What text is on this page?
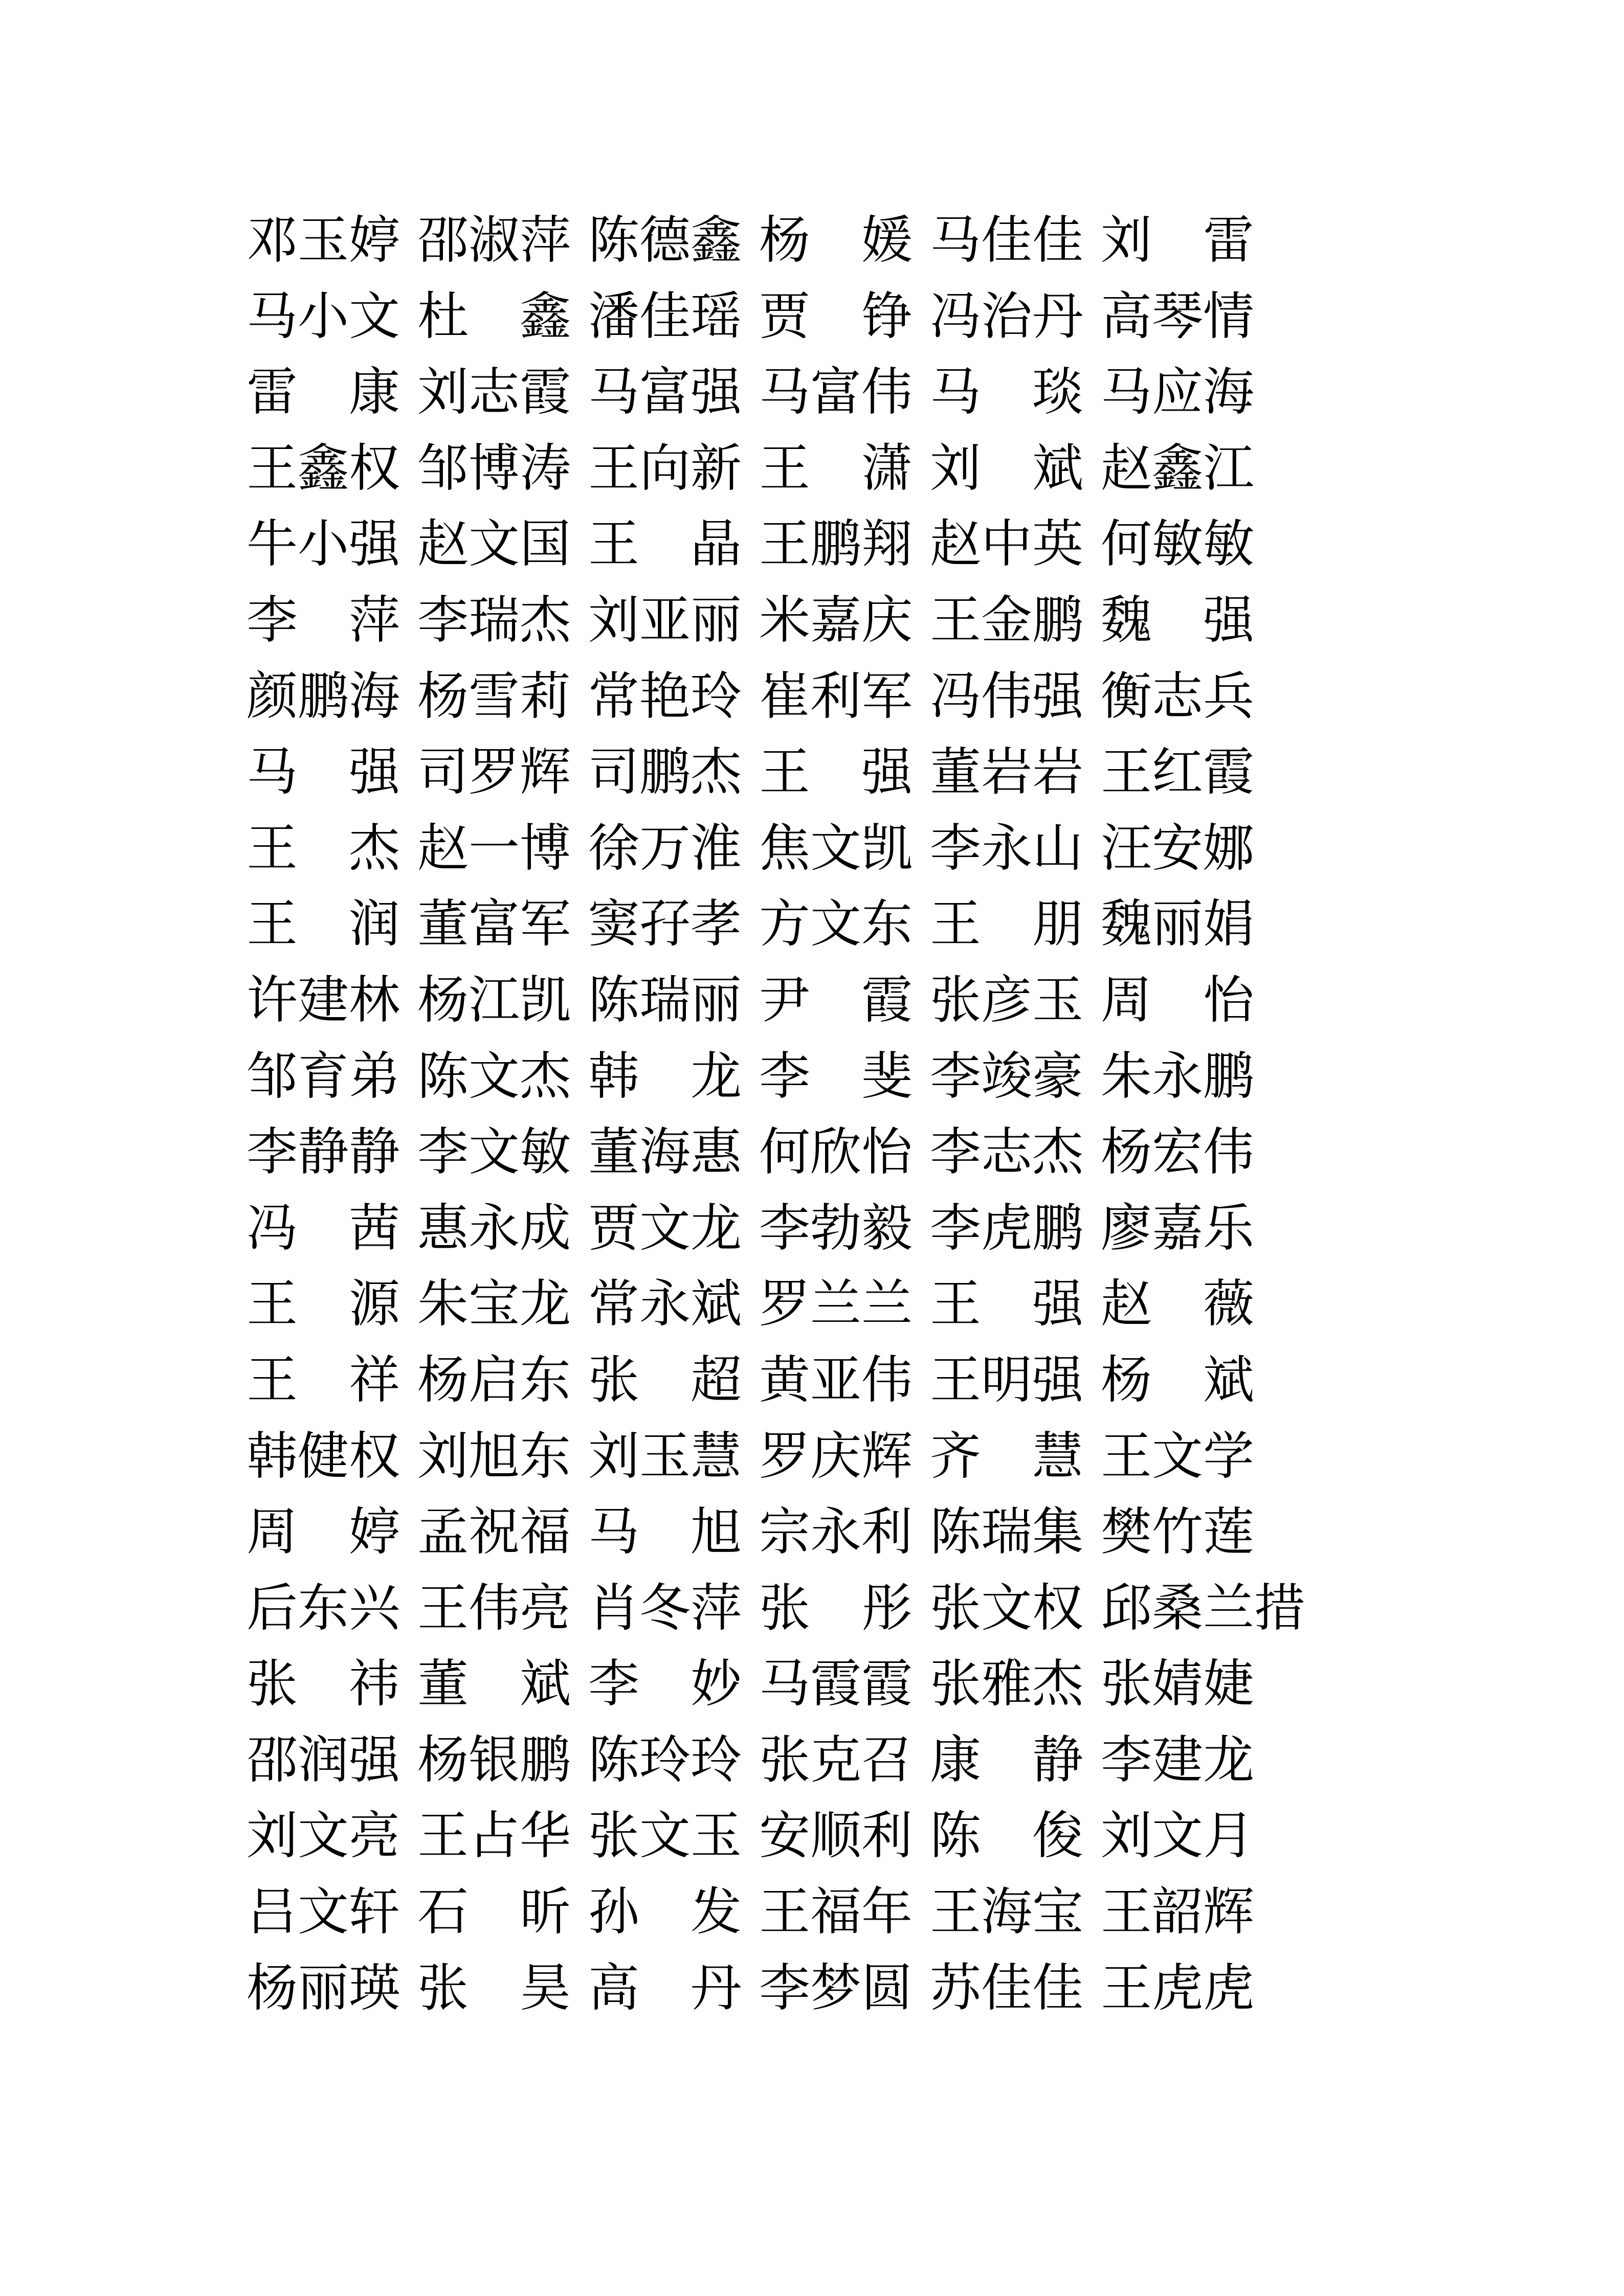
邓玉婷 邵淑萍 陈德鑫 杨　媛 马佳佳 刘　雷
马小文 杜　鑫 潘佳瑶 贾　铮 冯治丹 高琴情
雷　康 刘志霞 马富强 马富伟 马　琰 马应海
王鑫权 邹博涛 王向新 王　潇 刘　斌 赵鑫江
牛小强 赵文国 王　晶 王鹏翔 赵中英 何敏敏
李　萍 李瑞杰 刘亚丽 米嘉庆 王金鹏 魏　强
颜鹏海 杨雪莉 常艳玲 崔利军 冯伟强 衡志兵
马　强 司罗辉 司鹏杰 王　强 董岩岩 王红霞
王　杰 赵一博 徐万淮 焦文凯 李永山 汪安娜
王　润 董富军 窦孖孝 方文东 王　朋 魏丽娟
许建林 杨江凯 陈瑞丽 尹　霞 张彦玉 周　怡
邹育弟 陈文杰 韩　龙 李　斐 李竣豪 朱永鹏
李静静 李文敏 董海惠 何欣怡 李志杰 杨宏伟
冯　茜 惠永成 贾文龙 李勃毅 李虎鹏 廖嘉乐
王　源 朱宝龙 常永斌 罗兰兰 王　强 赵　薇
王　祥 杨启东 张　超 黄亚伟 王明强 杨　斌
韩健权 刘旭东 刘玉慧 罗庆辉 齐　慧 王文学
周　婷 孟祝福 马　旭 宗永利 陈瑞集 樊竹莲
后东兴 王伟亮 肖冬萍 张　彤 张文权 邱桑兰措
张　祎 董　斌 李　妙 马霞霞 张雅杰 张婧婕
邵润强 杨银鹏 陈玲玲 张克召 康　静 李建龙
刘文亮 王占华 张文玉 安顺利 陈　俊 刘文月
吕文轩 石　昕 孙　发 王福年 王海宝 王韶辉
杨丽瑛 张　昊 高　丹 李梦圆 苏佳佳 王虎虎
